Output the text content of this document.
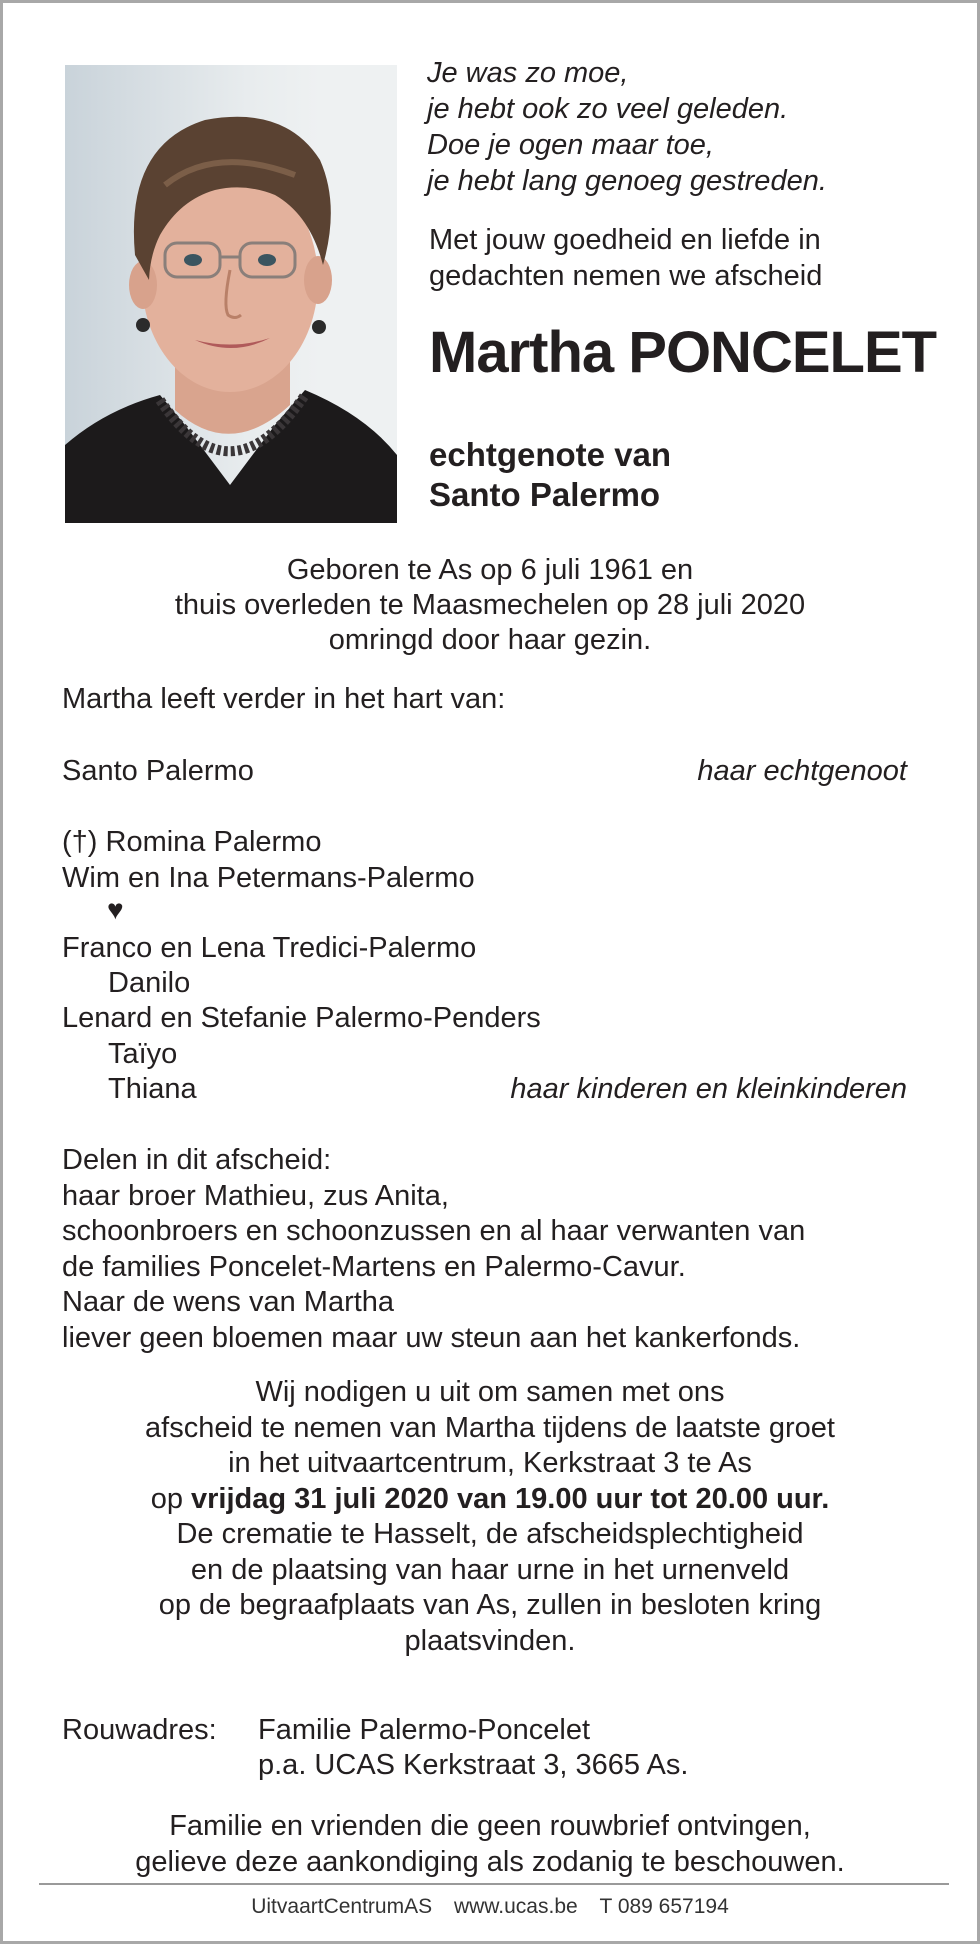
Je was zo moe,
je hebt ook zo veel geleden.
Doe je ogen maar toe,
je hebt lang genoeg gestreden.
Met jouw goedheid en liefde in
gedachten nemen we afscheid
Martha PONCELET
echtgenote van
Santo Palermo
Geboren te As op 6 juli 1961 en
thuis overleden te Maasmechelen op 28 juli 2020
omringd door haar gezin.
Martha leeft verder in het hart van:
Santo Palermo	haar echtgenoot
(†) Romina Palermo
Wim en Ina Petermans-Palermo
♥
Franco en Lena Tredici-Palermo
Danilo
Lenard en Stefanie Palermo-Penders
Taïyo
Thiana	haar kinderen en kleinkinderen
Delen in dit afscheid:
haar broer Mathieu, zus Anita,
schoonbroers en schoonzussen en al haar verwanten van
de families Poncelet-Martens en Palermo-Cavur.
Naar de wens van Martha
liever geen bloemen maar uw steun aan het kankerfonds.
Wij nodigen u uit om samen met ons
afscheid te nemen van Martha tijdens de laatste groet
in het uitvaartcentrum, Kerkstraat 3 te As
op vrijdag 31 juli 2020 van 19.00 uur tot 20.00 uur.
De crematie te Hasselt, de afscheidsplechtigheid
en de plaatsing van haar urne in het urnenveld
op de begraafplaats van As, zullen in besloten kring
plaatsvinden.
Rouwadres: Familie Palermo-Poncelet
p.a. UCAS Kerkstraat 3, 3665 As.
Familie en vrienden die geen rouwbrief ontvingen,
gelieve deze aankondiging als zodanig te beschouwen.
UitvaartCentrumAS www.ucas.be T 089 657194
